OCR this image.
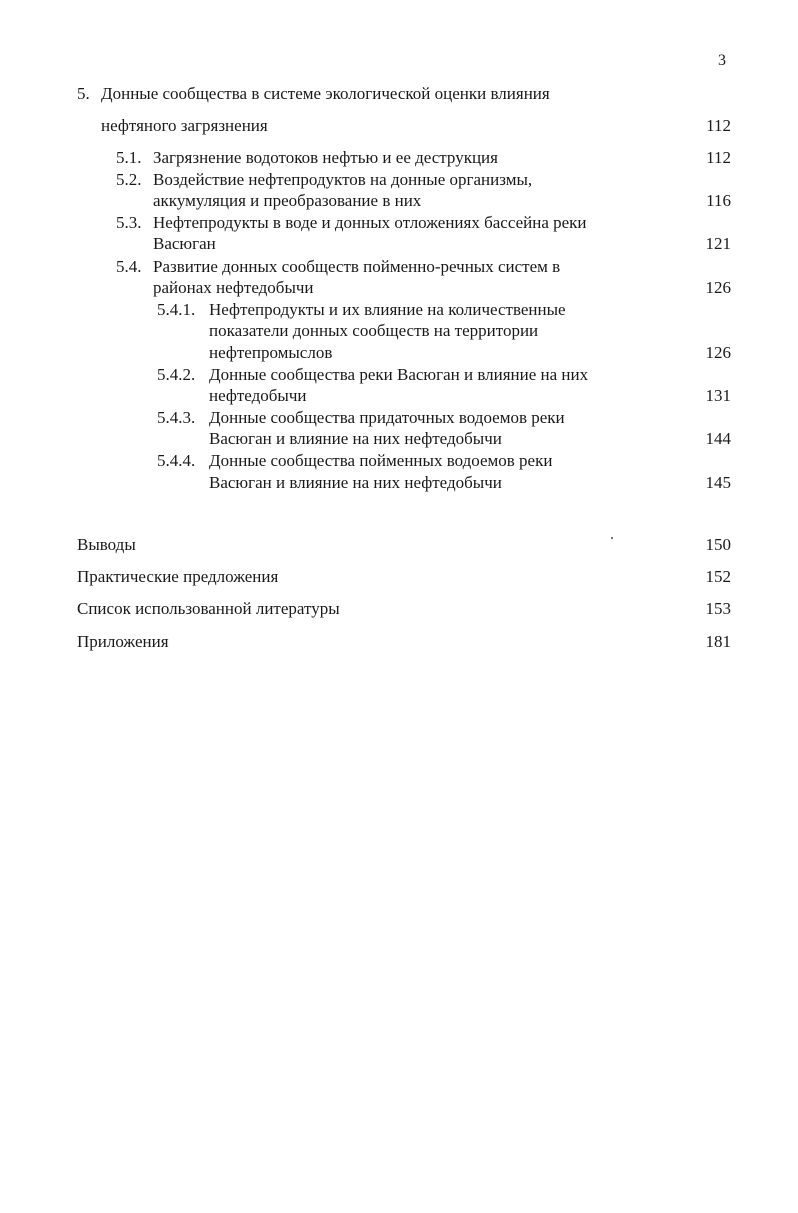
3
5. Донные сообщества в системе экологической оценки влияния
нефтяного загрязнения	112
5.1. Загрязнение водотоков нефтью и ее деструкция	112
5.2. Воздействие нефтепродуктов на донные организмы,
аккумуляция и преобразование в них	116
5.3. Нефтепродукты в воде и донных отложениях бассейна реки
Васюган	121
5.4. Развитие донных сообществ пойменно-речных систем в
районах нефтедобычи	126
5.4.1. Нефтепродукты и их влияние на количественные
показатели донных сообществ на территории
нефтепромыслов	126
5.4.2. Донные сообщества реки Васюган и влияние на них
нефтедобычи	131
5.4.3. Донные сообщества придаточных водоемов реки
Васюган и влияние на них нефтедобычи	144
5.4.4. Донные сообщества пойменных водоемов реки
Васюган и влияние на них нефтедобычи	145
Выводы	150
Практические предложения	152
Список использованной литературы	153
Приложения	181
